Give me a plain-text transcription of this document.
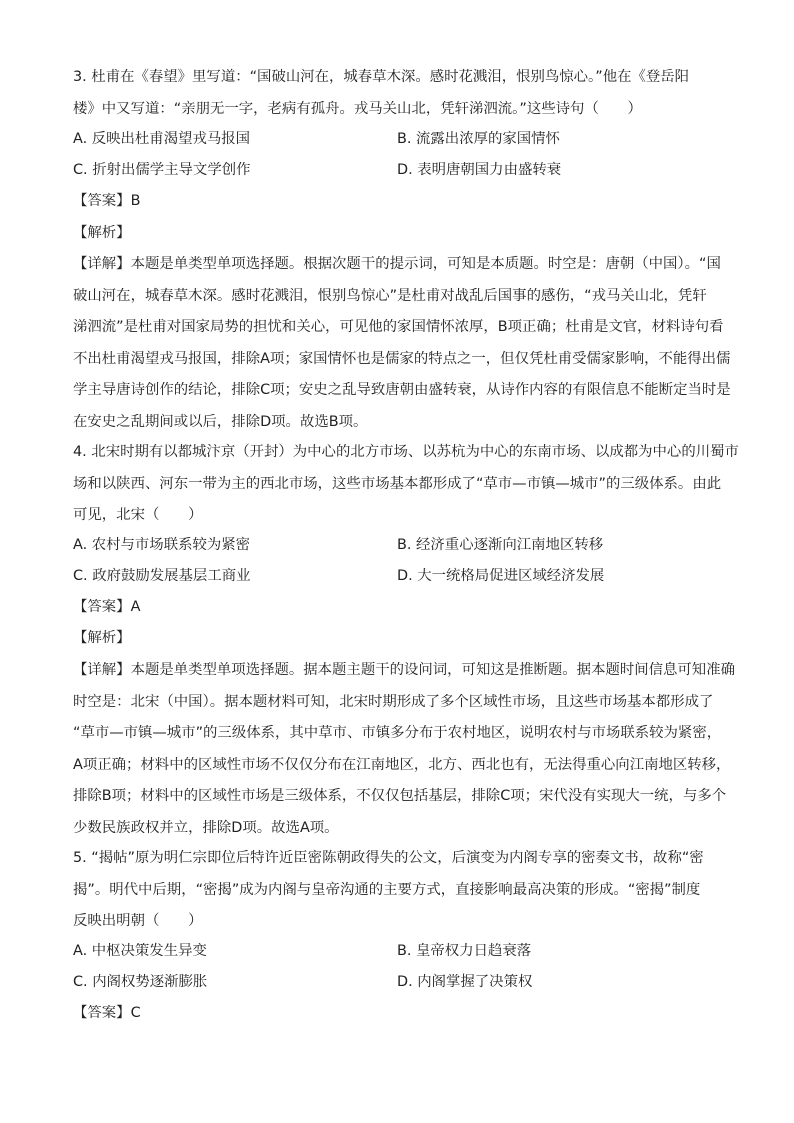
3. 杜甫在《春望》里写道：“国破山河在，城春草木深。感时花溅泪，恨别鸟惊心。”他在《登岳阳
楼》中又写道：“亲朋无一字，老病有孤舟。戎马关山北，凭轩涕泗流。”这些诗句（　　）
A. 反映出杜甫渴望戎马报国	B. 流露出浓厚的家国情怀
C. 折射出儒学主导文学创作	D. 表明唐朝国力由盛转衰
【答案】B
【解析】
【详解】本题是单类型单项选择题。根据次题干的提示词，可知是本质题。时空是：唐朝（中国）。“国
破山河在，城春草木深。感时花溅泪，恨别鸟惊心”是杜甫对战乱后国事的感伤，“戎马关山北，凭轩
涕泗流”是杜甫对国家局势的担忧和关心，可见他的家国情怀浓厚，B项正确；杜甫是文官，材料诗句看
不出杜甫渴望戎马报国，排除A项；家国情怀也是儒家的特点之一，但仅凭杜甫受儒家影响，不能得出儒
学主导唐诗创作的结论，排除C项；安史之乱导致唐朝由盛转衰，从诗作内容的有限信息不能断定当时是
在安史之乱期间或以后，排除D项。故选B项。
4. 北宋时期有以都城汴京（开封）为中心的北方市场、以苏杭为中心的东南市场、以成都为中心的川蜀市
场和以陕西、河东一带为主的西北市场，这些市场基本都形成了“草市—市镇—城市”的三级体系。由此
可见，北宋（　　）
A. 农村与市场联系较为紧密	B. 经济重心逐渐向江南地区转移
C. 政府鼓励发展基层工商业	D. 大一统格局促进区域经济发展
【答案】A
【解析】
【详解】本题是单类型单项选择题。据本题主题干的设问词，可知这是推断题。据本题时间信息可知准确
时空是：北宋（中国）。据本题材料可知，北宋时期形成了多个区域性市场，且这些市场基本都形成了
“草市—市镇—城市”的三级体系，其中草市、市镇多分布于农村地区，说明农村与市场联系较为紧密，
A项正确；材料中的区域性市场不仅仅分布在江南地区，北方、西北也有，无法得重心向江南地区转移，
排除B项；材料中的区域性市场是三级体系，不仅仅包括基层，排除C项；宋代没有实现大一统，与多个
少数民族政权并立，排除D项。故选A项。
5. “揭帖”原为明仁宗即位后特许近臣密陈朝政得失的公文，后演变为内阁专享的密奏文书，故称“密
揭”。明代中后期，“密揭”成为内阁与皇帝沟通的主要方式，直接影响最高决策的形成。“密揭”制度
反映出明朝（　　）
A. 中枢决策发生异变	B. 皇帝权力日趋衰落
C. 内阁权势逐渐膨胀	D. 内阁掌握了决策权
【答案】C
